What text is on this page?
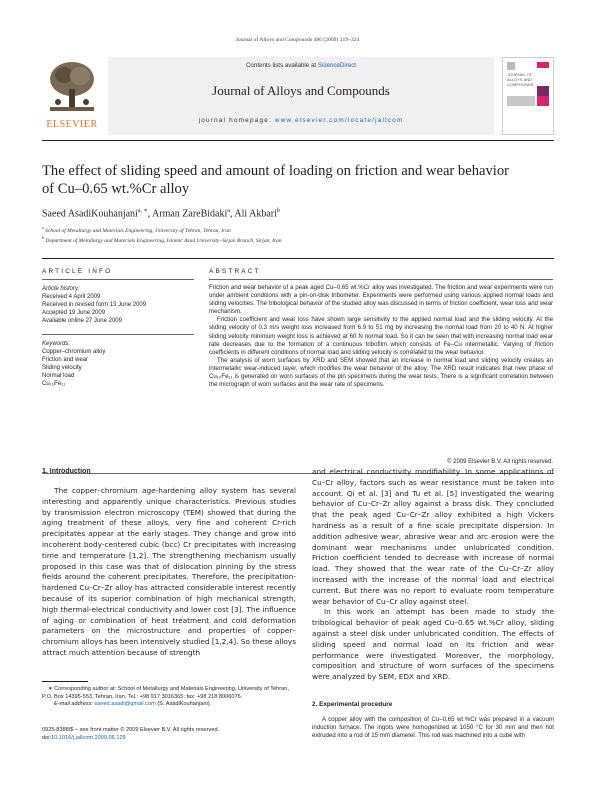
Journal of Alloys and Compounds 486 (2009) 319–324
ELSEVIER
Contents lists available at ScienceDirect
Journal of Alloys and Compounds
journal homepage: www.elsevier.com/locate/jallcom
JOURNAL OF ALLOYS AND COMPOUNDS
The effect of sliding speed and amount of loading on friction and wear behavior
of Cu–0.65 wt.%Cr alloy
Saeed AsadiKouhanjani$^{a, ∗}$, Arman ZareBidaki$^a$, Ali Akbari$^b$
$^a$ School of Metallurgy and Materials Engineering, University of Tehran, Tehran, Iran
$^b$ Department of Metallurgy and Materials Engineering, Islamic Azad University–Sirjan Branch, Sirjan, Iran
ARTICLE INFO
Article history:
Received 4 April 2009
Received in revised form 13 June 2009
Accepted 19 June 2009
Available online 27 June 2009
Keywords:
Copper–chromium alloy
Friction and wear
Sliding velocity
Normal load
Cu₁₀Fe₁₁
ABSTRACT

Friction and wear behavior of a peak aged Cu–0.65 wt.%Cr alloy was investigated. The friction and wear experiments were run under ambient conditions with a pin-on-disk tribometer. Experiments were performed using various applied normal loads and sliding velocities. The tribological behavior of the studied alloy was discussed in terms of friction coefficient, wear loss and wear mechanism.

Friction coefficient and wear loss have shown large sensitivity to the applied normal load and the sliding velocity. At the sliding velocity of 0.3 m/s weight loss increased from 6.9 to 51 mg by increasing the normal load from 20 to 40 N. At higher sliding velocity minimum weight loss is achieved at 60 N normal load. So it can be seen that with increasing normal load wear rate decreases due to the formation of a continuous tribofilm which consists of Fe–Cu intermetallic. Varying of friction coefficients in different conditions of normal load and sliding velocity is correlated to the wear behavior.

The analysis of worn surfaces by XRD and SEM showed that an increase in normal load and sliding velocity creates an intermetallic wear-induced layer, which modifies the wear behavior of the alloy. The XRD result indicates that new phase of Cu₁₀Fe₁₁ is generated on worn surfaces of the pin specimens during the wear tests. There is a significant correlation between the micrograph of worn surfaces and the wear rate of specimens.

© 2009 Elsevier B.V. All rights reserved.
1. Introduction

The copper–chromium age-hardening alloy system has several interesting and apparently unique characteristics. Previous studies by transmission electron microscopy (TEM) showed that during the aging treatment of these alloys, very fine and coherent Cr-rich precipitates appear at the early stages. They change and grow into incoherent body-centered cubic (bcc) Cr precipitates with increasing time and temperature [1,2]. The strengthening mechanism usually proposed in this case was that of dislocation pinning by the stress fields around the coherent precipitates. Therefore, the precipitation-hardened Cu–Cr–Zr alloy has attracted considerable interest recently because of its superior combination of high mechanical strength, high thermal-electrical conductivity and lower cost [3]. The influence of aging or combination of heat treatment and cold deformation parameters on the microstructure and properties of copper–chromium alloys has been intensively studied [1,2,4]. So these alloys attract much attention because of strength

and electrical conductivity modifiability. In some applications of Cu–Cr alloy, factors such as wear resistance must be taken into account. Qi et al. [3] and Tu et al. [5] investigated the wearing behavior of Cu–Cr–Zr alloy against a brass disk. They concluded that the peak aged Cu–Cr–Zr alloy exhibited a high Vickers hardness as a result of a fine scale precipitate dispersion. In addition adhesive wear, abrasive wear and arc erosion were the dominant wear mechanisms under unlubricated condition. Friction coefficient tended to decrease with increase of normal load. They showed that the wear rate of the Cu–Cr–Zr alloy increased with the increase of the normal load and electrical current. But there was no report to evaluate room temperature wear behavior of Cu–Cr alloy against steel.

In this work an attempt has been made to study the tribological behavior of peak aged Cu–0.65 wt.%Cr alloy, sliding against a steel disk under unlubricated condition. The effects of sliding speed and normal load on its friction and wear performance were investigated. Moreover, the morphology, composition and structure of worn surfaces of the specimens were analyzed by SEM, EDX and XRD.

2. Experimental procedure
A copper alloy with the composition of Cu–0.65 wt.%Cr was prepared in a vacuum induction furnace. The ingots were homogenized at 1050 °C for 30 min and then hot extruded into a rod of 15 mm diameter. This rod was machined into a cube with
∗ Corresponding author at: School of Metallurgy and Materials Engineering, University of Tehran, P.O. Box 14395-553, Tehran, Iran. Tel.: +98 917 3016365; fax: +98 218 8006076.
E-mail address: saeed.asadi@gmail.com (S. AsadiKouhanjani).
0925-8388/$ – see front matter © 2009 Elsevier B.V. All rights reserved.
doi:10.1016/j.jallcom.2009.06.129
